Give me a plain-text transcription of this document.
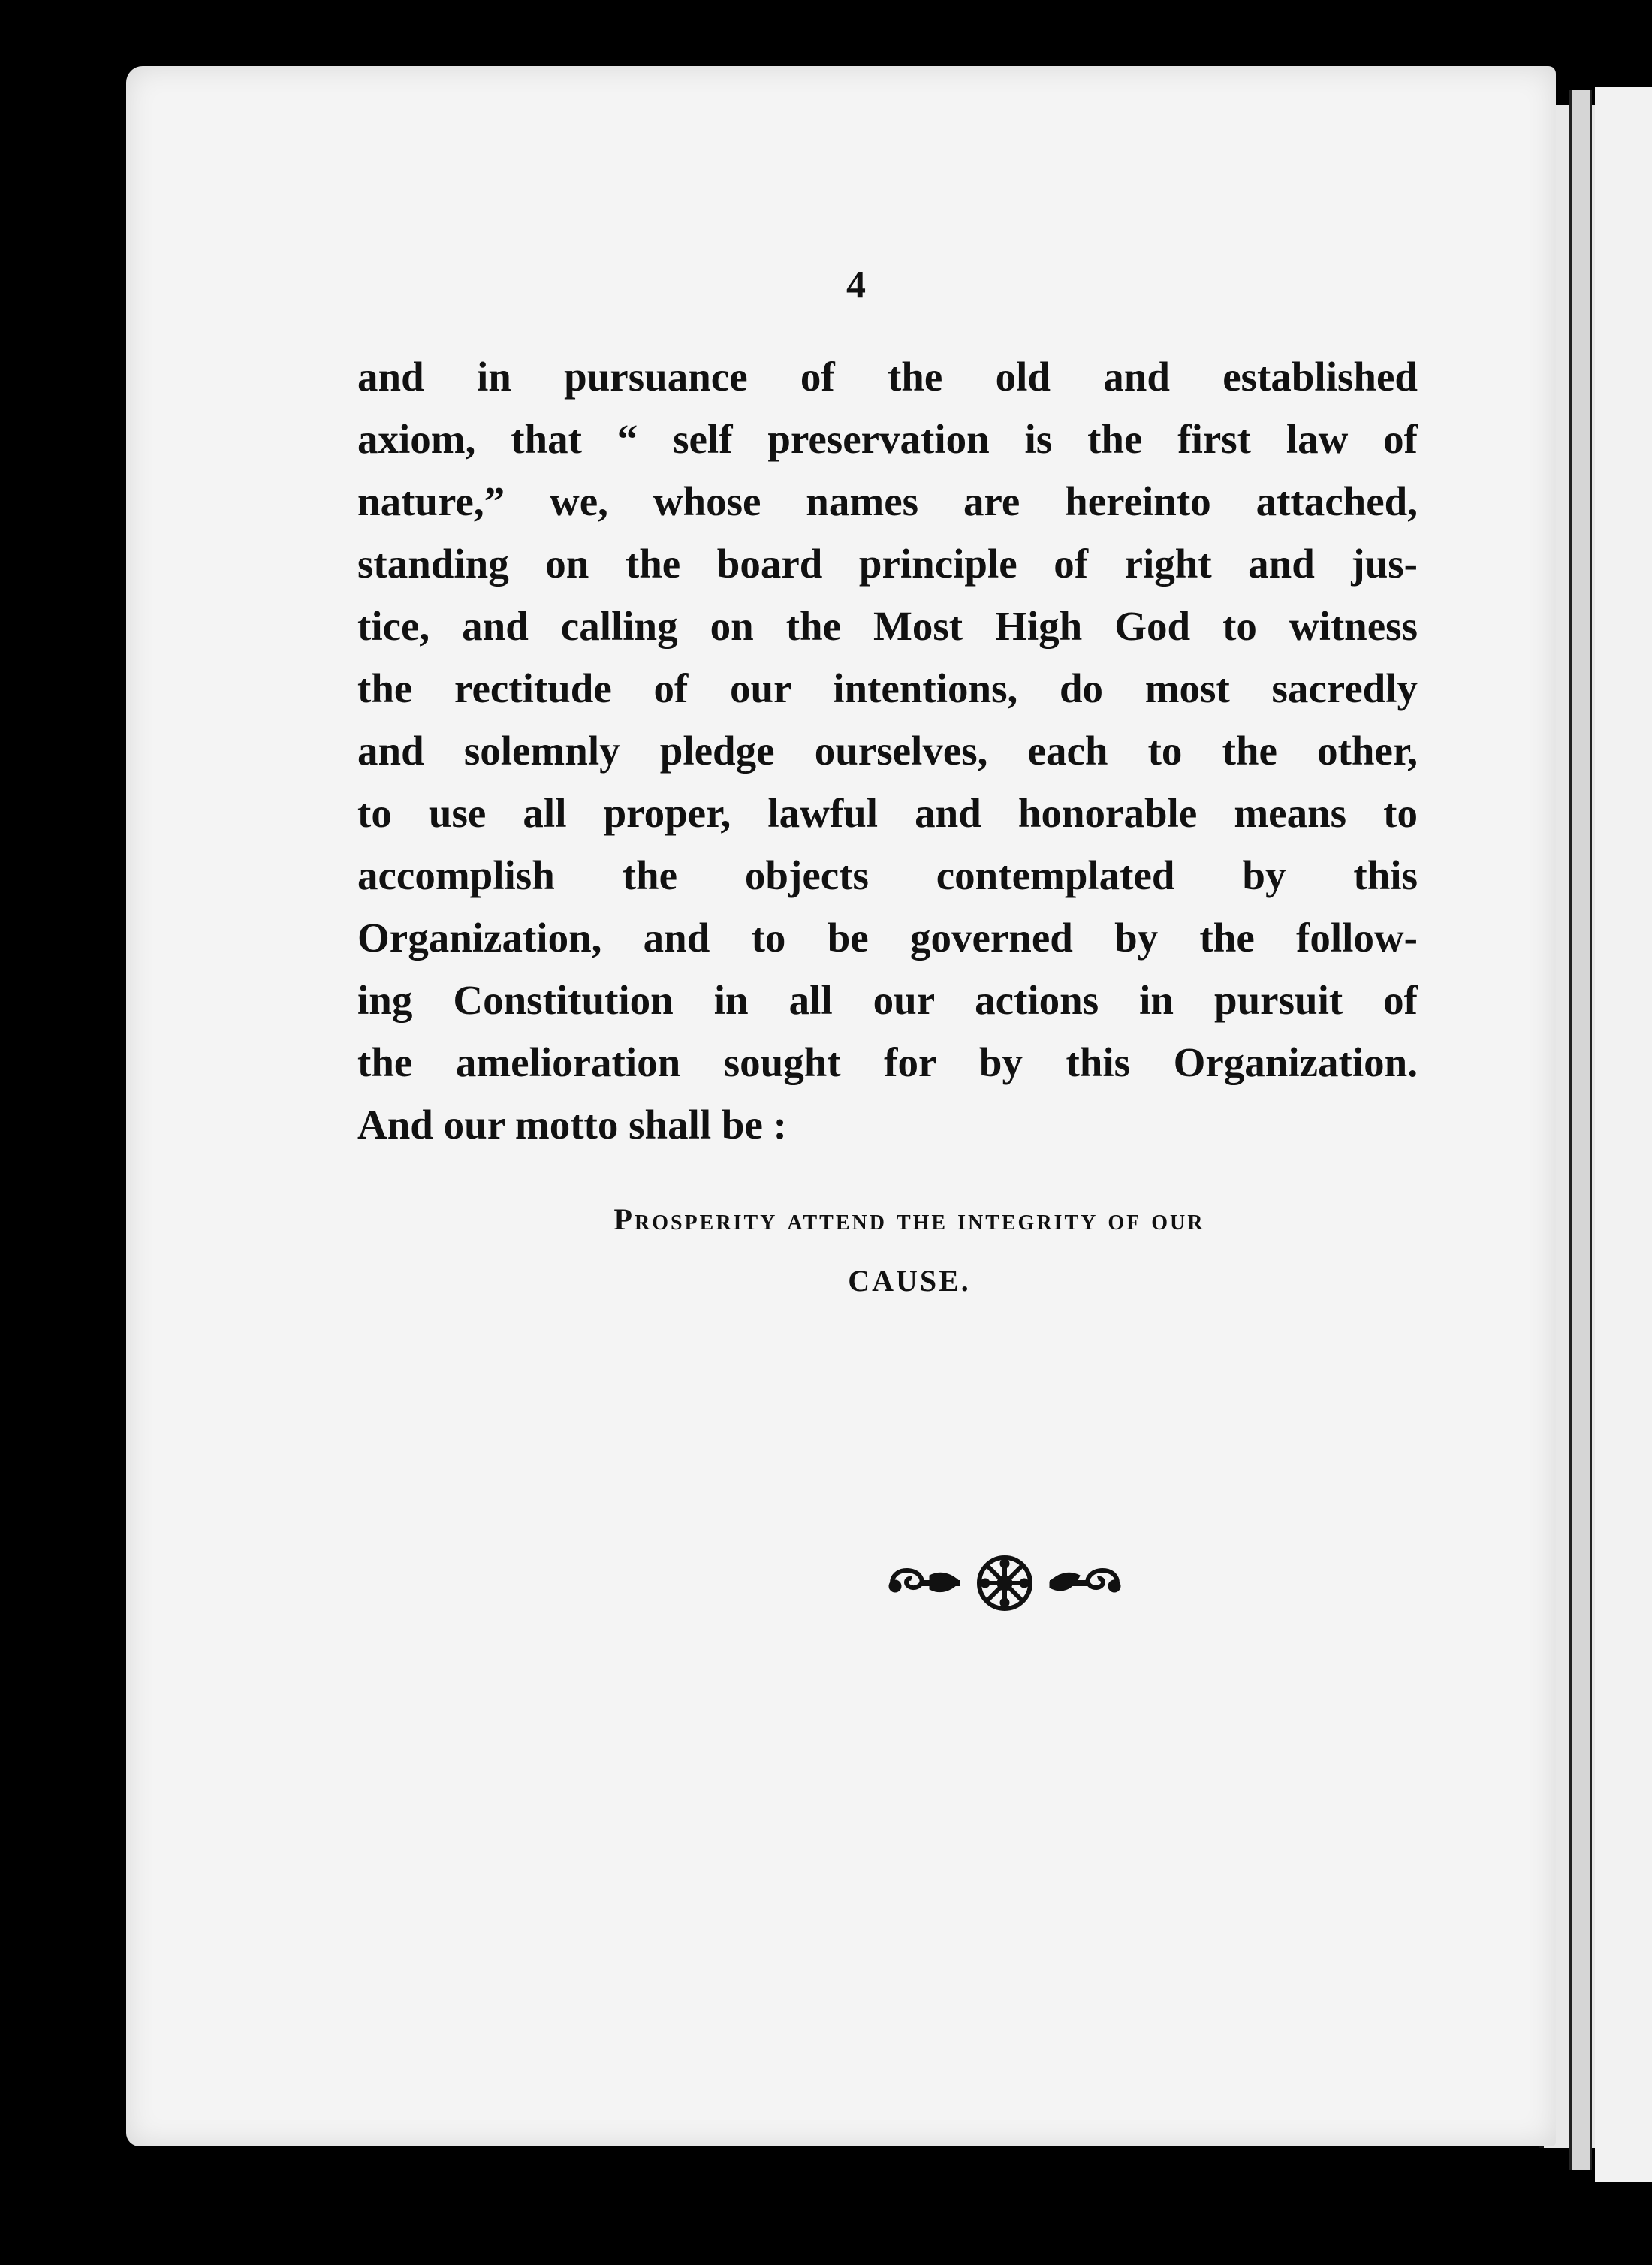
4
and in pursuance of the old and established
axiom, that “ self preservation is the first law of
nature,” we, whose names are hereinto attached,
standing on the board principle of right and jus-
tice, and calling on the Most High God to witness
the rectitude of our intentions, do most sacredly
and solemnly pledge ourselves, each to the other,
to use all proper, lawful and honorable means to
accomplish the objects contemplated by this
Organization, and to be governed by the follow-
ing Constitution in all our actions in pursuit of
the amelioration sought for by this Organization.
And our motto shall be :
Prosperity attend the integrity of our
CAUSE.
